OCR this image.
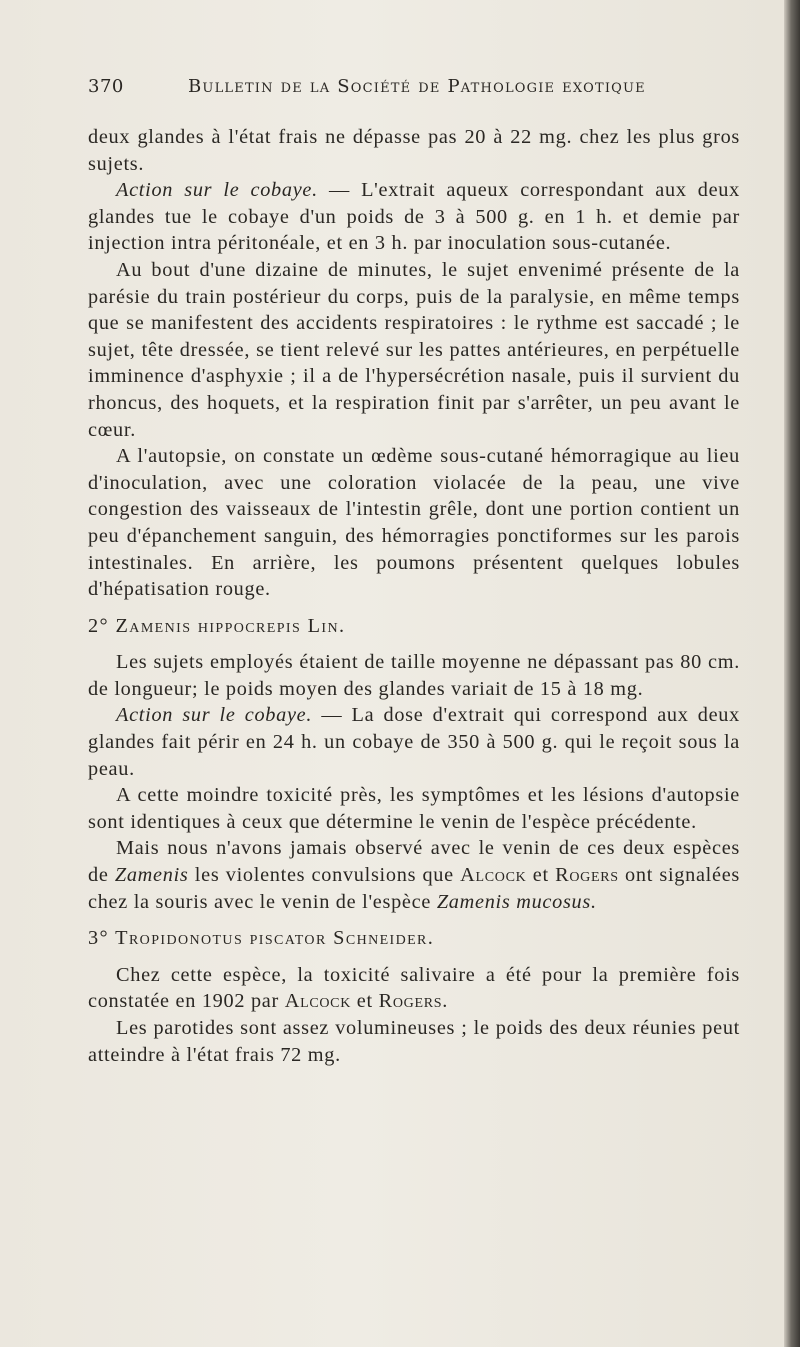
370	Bulletin de la Société de Pathologie exotique

deux glandes à l'état frais ne dépasse pas 20 à 22 mg. chez les plus gros sujets.

Action sur le cobaye. — L'extrait aqueux correspondant aux deux glandes tue le cobaye d'un poids de 3 à 500 g. en 1 h. et demie par injection intra péritonéale, et en 3 h. par inoculation sous-cutanée.

Au bout d'une dizaine de minutes, le sujet envenimé présente de la parésie du train postérieur du corps, puis de la paralysie, en même temps que se manifestent des accidents respiratoires : le rythme est saccadé ; le sujet, tête dressée, se tient relevé sur les pattes antérieures, en perpétuelle imminence d'asphyxie ; il a de l'hypersécrétion nasale, puis il survient du rhoncus, des hoquets, et la respiration finit par s'arrêter, un peu avant le cœur.

A l'autopsie, on constate un œdème sous-cutané hémorragique au lieu d'inoculation, avec une coloration violacée de la peau, une vive congestion des vaisseaux de l'intestin grêle, dont une portion contient un peu d'épanchement sanguin, des hémorragies ponctiformes sur les parois intestinales. En arrière, les poumons présentent quelques lobules d'hépatisation rouge.

2° Zamenis hippocrepis Lin.

Les sujets employés étaient de taille moyenne ne dépassant pas 80 cm. de longueur; le poids moyen des glandes variait de 15 à 18 mg.

Action sur le cobaye. — La dose d'extrait qui correspond aux deux glandes fait périr en 24 h. un cobaye de 350 à 500 g. qui le reçoit sous la peau.

A cette moindre toxicité près, les symptômes et les lésions d'autopsie sont identiques à ceux que détermine le venin de l'espèce précédente.

Mais nous n'avons jamais observé avec le venin de ces deux espèces de Zamenis les violentes convulsions que Alcock et Rogers ont signalées chez la souris avec le venin de l'espèce Zamenis mucosus.

3° Tropidonotus piscator Schneider.

Chez cette espèce, la toxicité salivaire a été pour la première fois constatée en 1902 par Alcock et Rogers.

Les parotides sont assez volumineuses ; le poids des deux réunies peut atteindre à l'état frais 72 mg.
